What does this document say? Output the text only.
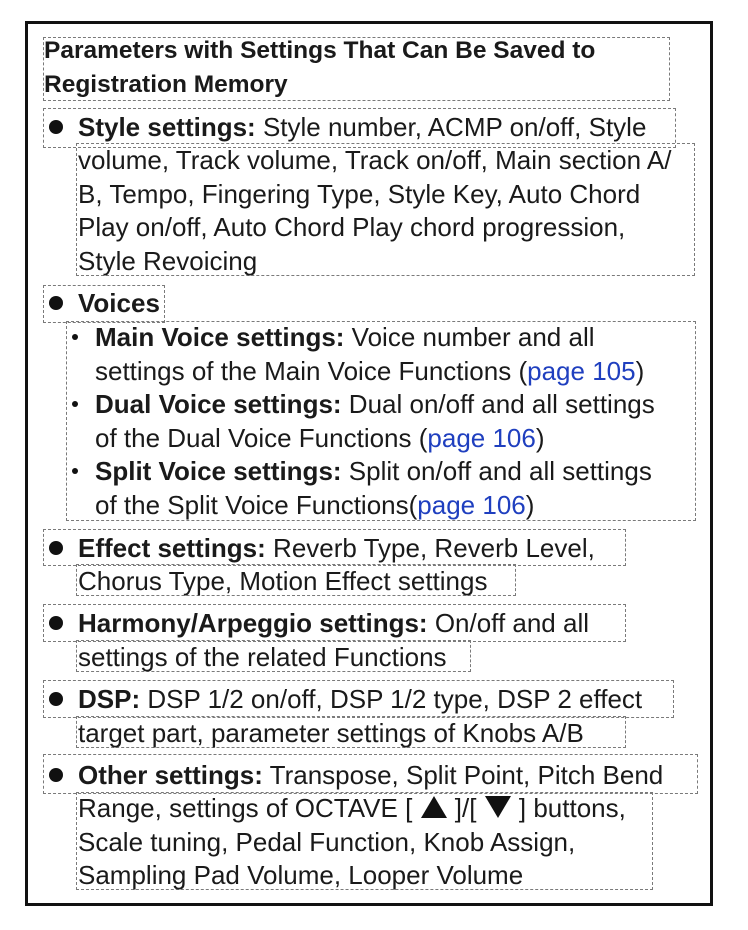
Parameters with Settings That Can Be Saved to
Registration Memory
Style settings: Style number, ACMP on/off, Style
volume, Track volume, Track on/off, Main section A/
B, Tempo, Fingering Type, Style Key, Auto Chord
Play on/off, Auto Chord Play chord progression,
Style Revoicing
Voices
Main Voice settings: Voice number and all
settings of the Main Voice Functions (page 105)
Dual Voice settings: Dual on/off and all settings
of the Dual Voice Functions (page 106)
Split Voice settings: Split on/off and all settings
of the Split Voice Functions(page 106)
Effect settings: Reverb Type, Reverb Level,
Chorus Type, Motion Effect settings
Harmony/Arpeggio settings: On/off and all
settings of the related Functions
DSP: DSP 1/2 on/off, DSP 1/2 type, DSP 2 effect
target part, parameter settings of Knobs A/B
Other settings: Transpose, Split Point, Pitch Bend
Range, settings of OCTAVE [  ]/[  ] buttons,
Scale tuning, Pedal Function, Knob Assign,
Sampling Pad Volume, Looper Volume
